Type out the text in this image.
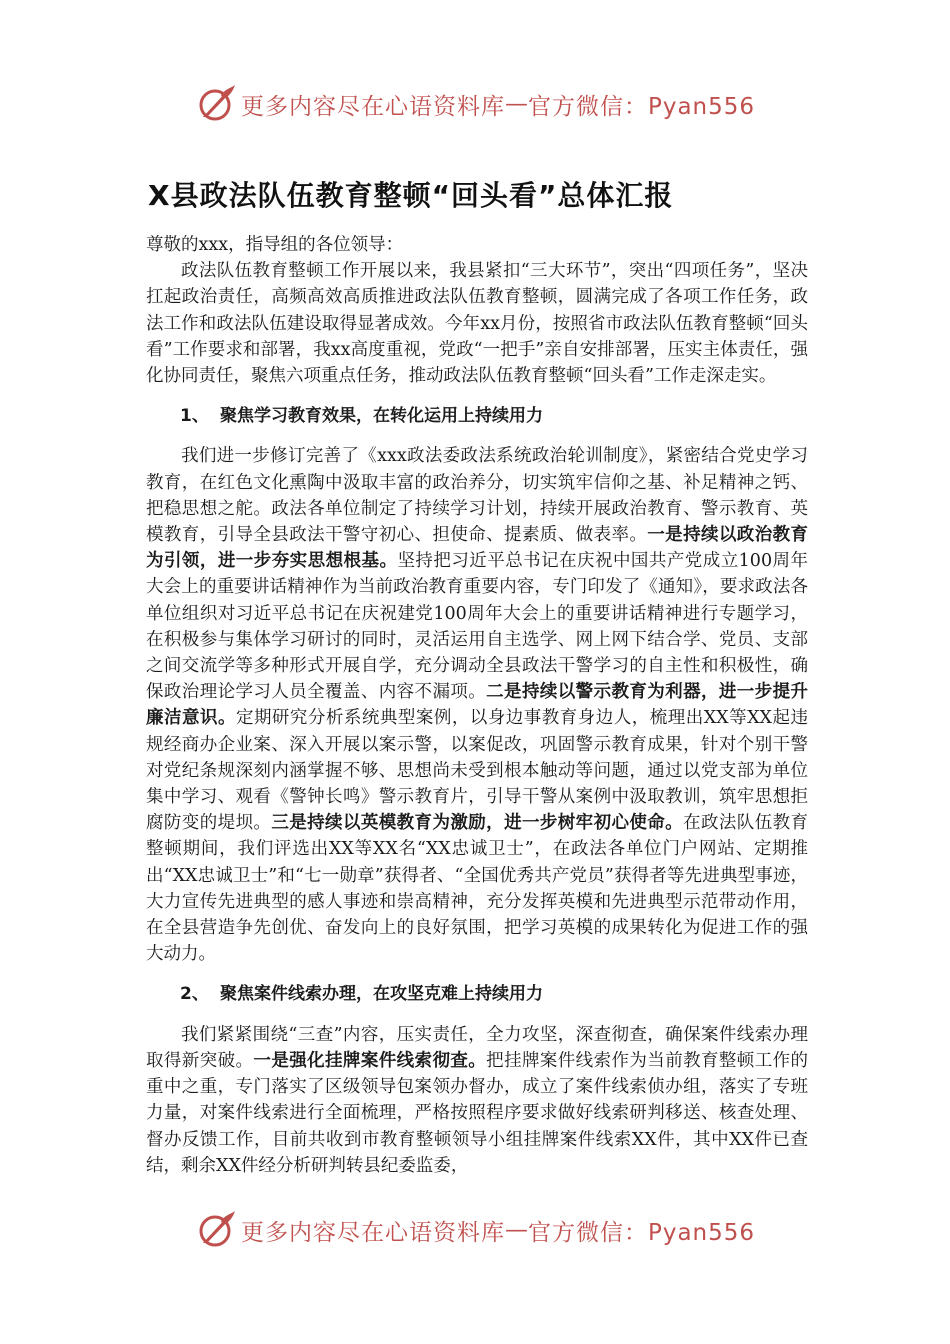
更多内容尽在心语资料库 — 官方微信：Pyan556
X县政法队伍教育整顿“回头看”总体汇报

尊敬的xxx，指导组的各位领导：

政法队伍教育整顿工作开展以来，我县紧扣“三大环节”，突出“四项任务”，坚决扛起政治责任，高频高效高质推进政法队伍教育整顿，圆满完成了各项工作任务，政法工作和政法队伍建设取得显著成效。今年xx月份，按照省市政法队伍教育整顿“回头看”工作要求和部署，我xx高度重视，党政“一把手”亲自安排部署，压实主体责任，强化协同责任，聚焦六项重点任务，推动政法队伍教育整顿“回头看”工作走深走实。

1、 聚焦学习教育效果，在转化运用上持续用力

我们进一步修订完善了《xxx政法委政法系统政治轮训制度》，紧密结合党史学习教育，在红色文化熏陶中汲取丰富的政治养分，切实筑牢信仰之基、补足精神之钙、把稳思想之舵。政法各单位制定了持续学习计划，持续开展政治教育、警示教育、英模教育，引导全县政法干警守初心、担使命、提素质、做表率。一是持续以政治教育为引领，进一步夯实思想根基。坚持把习近平总书记在庆祝中国共产党成立100周年大会上的重要讲话精神作为当前政治教育重要内容，专门印发了《通知》，要求政法各单位组织对习近平总书记在庆祝建党100周年大会上的重要讲话精神进行专题学习，在积极参与集体学习研讨的同时，灵活运用自主选学、网上网下结合学、党员、支部之间交流学等多种形式开展自学，充分调动全县政法干警学习的自主性和积极性，确保政治理论学习人员全覆盖、内容不漏项。二是持续以警示教育为利器，进一步提升廉洁意识。定期研究分析系统典型案例，以身边事教育身边人，梳理出XX等XX起违规经商办企业案、深入开展以案示警，以案促改，巩固警示教育成果，针对个别干警对党纪条规深刻内涵掌握不够、思想尚未受到根本触动等问题，通过以党支部为单位集中学习、观看《警钟长鸣》警示教育片，引导干警从案例中汲取教训，筑牢思想拒腐防变的堤坝。三是持续以英模教育为激励，进一步树牢初心使命。在政法队伍教育整顿期间，我们评选出XX等XX名“XX忠诚卫士”，在政法各单位门户网站、定期推出“XX忠诚卫士”和“七一勋章”获得者、“全国优秀共产党员”获得者等先进典型事迹，大力宣传先进典型的感人事迹和崇高精神，充分发挥英模和先进典型示范带动作用，在全县营造争先创优、奋发向上的良好氛围，把学习英模的成果转化为促进工作的强大动力。

2、 聚焦案件线索办理，在攻坚克难上持续用力

我们紧紧围绕“三查”内容，压实责任，全力攻坚，深查彻查，确保案件线索办理取得新突破。一是强化挂牌案件线索彻查。把挂牌案件线索作为当前教育整顿工作的重中之重，专门落实了区级领导包案领办督办，成立了案件线索侦办组，落实了专班力量，对案件线索进行全面梳理，严格按照程序要求做好线索研判移送、核查处理、督办反馈工作，目前共收到市教育整顿领导小组挂牌案件线索XX件，其中XX件已查结，剩余XX件经分析研判转县纪委监委，

更多内容尽在心语资料库 — 官方微信：Pyan556
